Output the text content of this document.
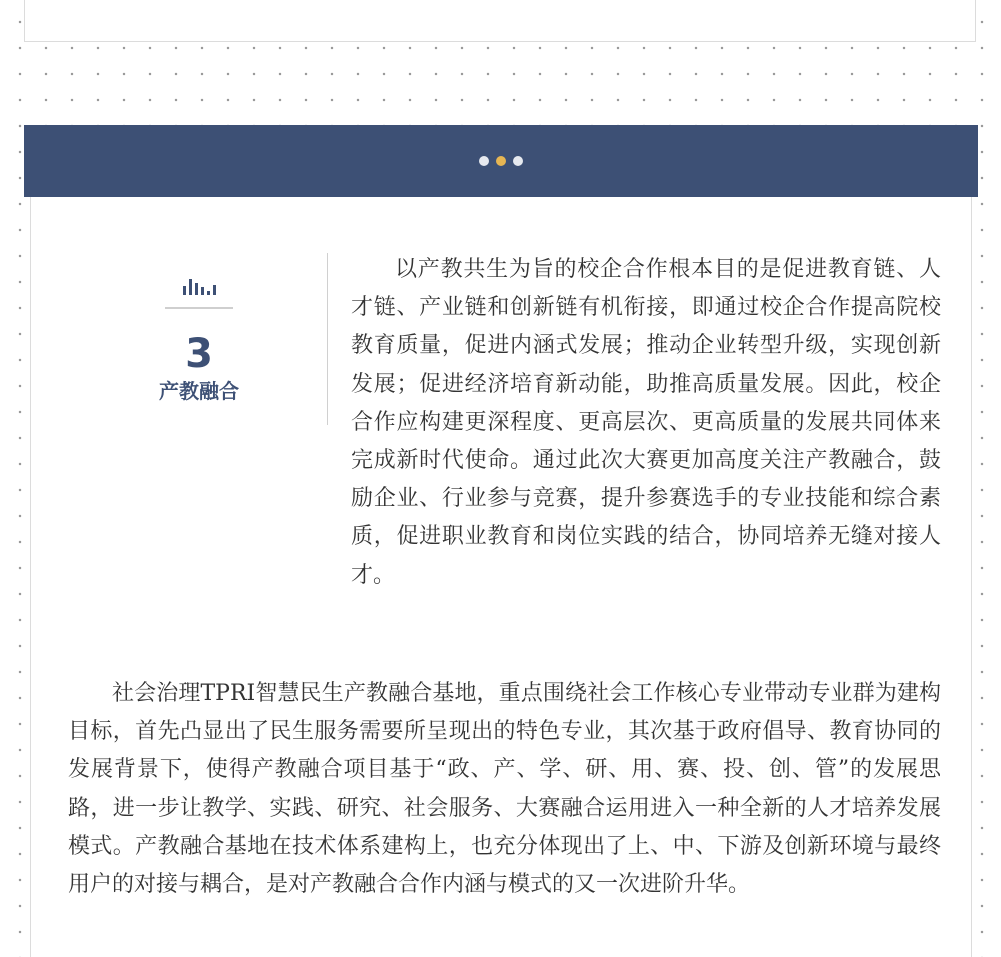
3
产教融合

以产教共生为旨的校企合作根本目的是促进教育链、人才链、产业链和创新链有机衔接，即通过校企合作提高院校教育质量，促进内涵式发展；推动企业转型升级，实现创新发展；促进经济培育新动能，助推高质量发展。因此，校企合作应构建更深程度、更高层次、更高质量的发展共同体来完成新时代使命。通过此次大赛更加高度关注产教融合，鼓励企业、行业参与竞赛，提升参赛选手的专业技能和综合素质，促进职业教育和岗位实践的结合，协同培养无缝对接人才。

社会治理TPRI智慧民生产教融合基地，重点围绕社会工作核心专业带动专业群为建构目标，首先凸显出了民生服务需要所呈现出的特色专业，其次基于政府倡导、教育协同的发展背景下，使得产教融合项目基于“政、产、学、研、用、赛、投、创、管”的发展思路，进一步让教学、实践、研究、社会服务、大赛融合运用进入一种全新的人才培养发展模式。产教融合基地在技术体系建构上，也充分体现出了上、中、下游及创新环境与最终用户的对接与耦合，是对产教融合合作内涵与模式的又一次进阶升华。
